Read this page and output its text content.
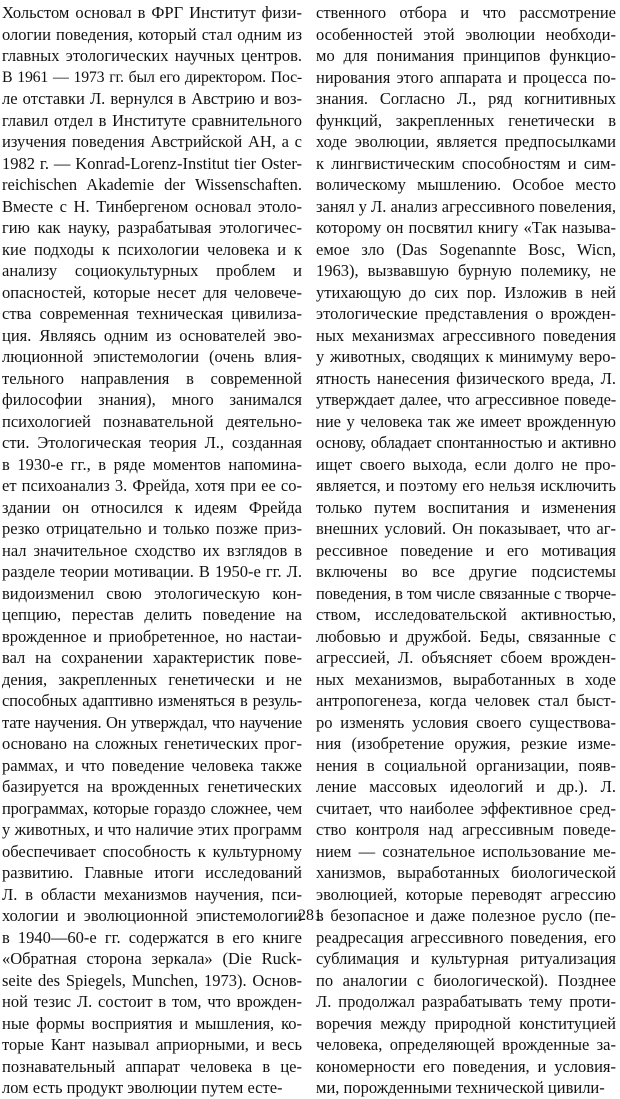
Хольстом основал в ФРГ Институт физи-
ологии поведения, который стал одним из
главных этологических научных центров.
В 1961 — 1973 гг. был его директором. Пос-
ле отставки Л. вернулся в Австрию и воз-
главил отдел в Институте сравнительного
изучения поведения Австрийской АН, а с
1982 г. — Konrad-Lorenz-Institut tier Oster-
reichischen Akademie der Wissenschaften.
Вместе с Н. Тинбергеном основал этоло-
гию как науку, разрабатывая этологичес-
кие подходы к психологии человека и к
анализу социокультурных проблем и
опасностей, которые несет для человече-
ства современная техническая цивилиза-
ция. Являясь одним из основателей эво-
люционной эпистемологии (очень влия-
тельного направления в современной
философии знания), много занимался
психологией познавательной деятельно-
сти. Этологическая теория Л., созданная
в 1930-е гг., в ряде моментов напомина-
ет психоанализ 3. Фрейда, хотя при ее со-
здании он относился к идеям Фрейда
резко отрицательно и только позже приз-
нал значительное сходство их взглядов в
разделе теории мотивации. В 1950-е гг. Л.
видоизменил свою этологическую кон-
цепцию, перестав делить поведение на
врожденное и приобретенное, но настаи-
вал на сохранении характеристик пове-
дения, закрепленных генетически и не
способных адаптивно изменяться в резуль-
тате научения. Он утверждал, что научение
основано на сложных генетических прог-
раммах, и что поведение человека также
базируется на врожденных генетических
программах, которые гораздо сложнее, чем
у животных, и что наличие этих программ
обеспечивает способность к культурному
развитию. Главные итоги исследований
Л. в области механизмов научения, пси-
хологии и эволюционной эпистемологии
в 1940—60-е гг. содержатся в его книге
«Обратная сторона зеркала» (Die Ruck-
seite des Spiegels, Munchen, 1973). Основ-
ной тезис Л. состоит в том, что врожден-
ные формы восприятия и мышления, ко-
торые Кант называл априорными, и весь
познавательный аппарат человека в це-
лом есть продукт эволюции путем есте-
ственного отбора и что рассмотрение
особенностей этой эволюции необходи-
мо для понимания принципов функцио-
нирования этого аппарата и процесса по-
знания. Согласно Л., ряд когнитивных
функций, закрепленных генетически в
ходе эволюции, является предпосылками
к лингвистическим способностям и сим-
волическому мышлению. Особое место
занял у Л. анализ агрессивного повеления,
которому он посвятил книгу «Так называ-
емое зло (Das Sogenannte Bosc, Wicn,
1963), вызвавшую бурную полемику, не
утихающую до сих пор. Изложив в ней
этологические представления о врожден-
ных механизмах агрессивного поведения
у животных, сводящих к минимуму веро-
ятность нанесения физического вреда, Л.
утверждает далее, что агрессивное поведе-
ние у человека так же имеет врожденную
основу, обладает спонтанностью и активно
ищет своего выхода, если долго не про-
является, и поэтому его нельзя исключить
только путем воспитания и изменения
внешних условий. Он показывает, что аг-
рессивное поведение и его мотивация
включены во все другие подсистемы
поведения, в том числе связанные с творче-
ством, исследовательской активностью,
любовью и дружбой. Беды, связанные с
агрессией, Л. объясняет сбоем врожден-
ных механизмов, выработанных в ходе
антропогенеза, когда человек стал быст-
ро изменять условия своего существова-
ния (изобретение оружия, резкие изме-
нения в социальной организации, появ-
ление массовых идеологий и др.). Л.
считает, что наиболее эффективное сред-
ство контроля над агрессивным поведе-
нием — сознательное использование ме-
ханизмов, выработанных биологической
эволюцией, которые переводят агрессию
в безопасное и даже полезное русло (пе-
реадресация агрессивного поведения, его
сублимация и культурная ритуализация
по аналогии с биологической). Позднее
Л. продолжал разрабатывать тему проти-
воречия между природной конституцией
человека, определяющей врожденные за-
кономерности его поведения, и условия-
ми, порожденными технической цивили-
281
